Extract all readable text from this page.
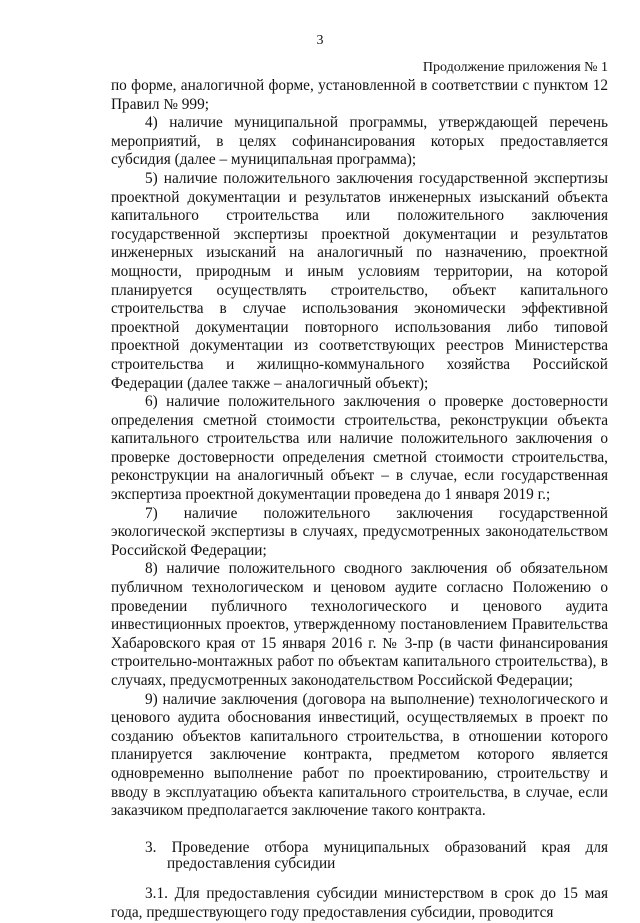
3
Продолжение приложения № 1

по форме, аналогичной форме, установленной в соответствии с пунктом 12 Правил № 999;

4) наличие муниципальной программы, утверждающей перечень мероприятий, в целях софинансирования которых предоставляется субсидия (далее – муниципальная программа);

5) наличие положительного заключения государственной экспертизы проектной документации и результатов инженерных изысканий объекта капитального строительства или положительного заключения государственной экспертизы проектной документации и результатов инженерных изысканий на аналогичный по назначению, проектной мощности, природным и иным условиям территории, на которой планируется осуществлять строительство, объект капитального строительства в случае использования экономически эффективной проектной документации повторного использования либо типовой проектной документации из соответствующих реестров Министерства строительства и жилищно-коммунального хозяйства Российской Федерации (далее также – аналогичный объект);

6) наличие положительного заключения о проверке достоверности определения сметной стоимости строительства, реконструкции объекта капитального строительства или наличие положительного заключения о проверке достоверности определения сметной стоимости строительства, реконструкции на аналогичный объект – в случае, если государственная экспертиза проектной документации проведена до 1 января 2019 г.;

7) наличие положительного заключения государственной экологической экспертизы в случаях, предусмотренных законодательством Российской Федерации;

8) наличие положительного сводного заключения об обязательном публичном технологическом и ценовом аудите согласно Положению о проведении публичного технологического и ценового аудита инвестиционных проектов, утвержденному постановлением Правительства Хабаровского края от 15 января 2016 г. № 3-пр (в части финансирования строительно-монтажных работ по объектам капитального строительства), в случаях, предусмотренных законодательством Российской Федерации;

9) наличие заключения (договора на выполнение) технологического и ценового аудита обоснования инвестиций, осуществляемых в проект по созданию объектов капитального строительства, в отношении которого планируется заключение контракта, предметом которого является одновременно выполнение работ по проектированию, строительству и вводу в эксплуатацию объекта капитального строительства, в случае, если заказчиком предполагается заключение такого контракта.

3. Проведение отбора муниципальных образований края для
предоставления субсидии

3.1. Для предоставления субсидии министерством в срок до 15 мая года, предшествующего году предоставления субсидии, проводится
